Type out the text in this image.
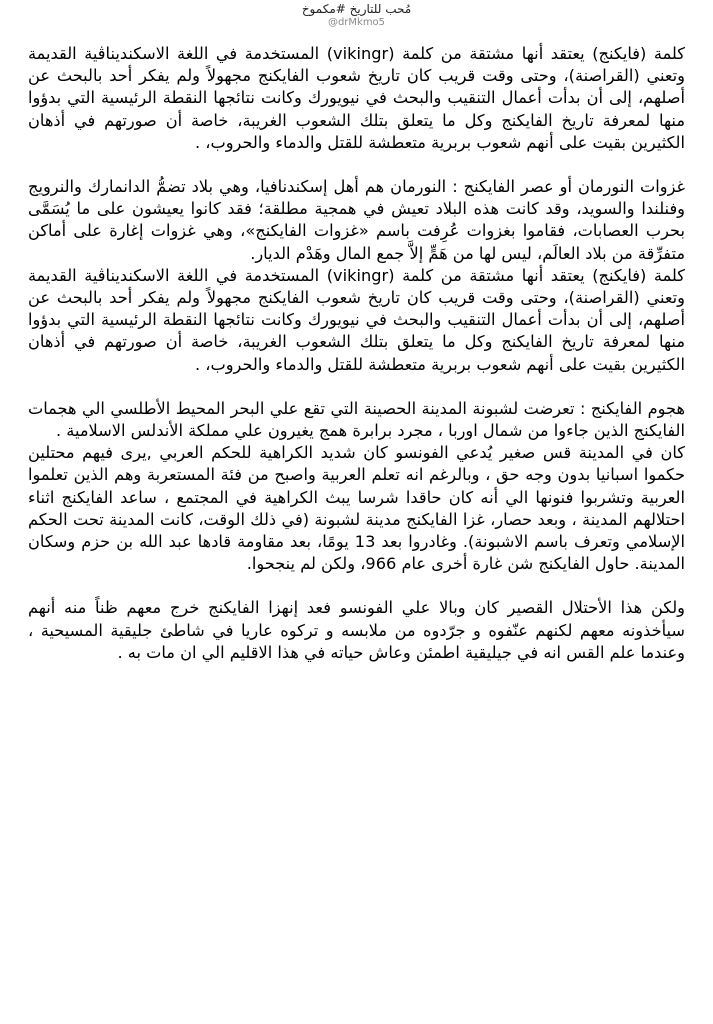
مُحب للتاريخ #مكموخ
@drMkmo5

كلمة (فايكنج) يعتقد أنها مشتقة من كلمة (vikingr) المستخدمة في اللغة الاسكنديناڤية القديمة وتعني (القراصنة)، وحتى وقت قريب كان تاريخ شعوب الفايكنج مجهولاً ولم يفكر أحد بالبحث عن أصلهم، إلى أن بدأت أعمال التنقيب والبحث في نيويورك وكانت نتائجها النقطة الرئيسية التي بدؤوا منها لمعرفة تاريخ الفايكنج وكل ما يتعلق بتلك الشعوب الغريبة، خاصة أن صورتهم في أذهان الكثيرين بقيت على أنهم شعوب بربرية متعطشة للقتل والدماء والحروب، .

غزوات النورمان أو عصر الفايكنج : النورمان هم أهل إسكندنافيا، وهي بلاد تضمُّ الدانمارك والنرويج وفنلندا والسويد، وقد كانت هذه البلاد تعيش في همجية مطلقة؛ فقد كانوا يعيشون على ما يُسَمَّى بحرب العصابات، فقاموا بغزوات عُرِفت باسم «غزوات الفايكنج»، وهي غزوات إغارة على أماكن متفرِّقة من بلاد العالَم، ليس لها من هَمٍّ إلاَّ جمع المال وهَدْم الديار.

كلمة (فايكنج) يعتقد أنها مشتقة من كلمة (vikingr) المستخدمة في اللغة الاسكنديناڤية القديمة وتعني (القراصنة)، وحتى وقت قريب كان تاريخ شعوب الفايكنج مجهولاً ولم يفكر أحد بالبحث عن أصلهم، إلى أن بدأت أعمال التنقيب والبحث في نيويورك وكانت نتائجها النقطة الرئيسية التي بدؤوا منها لمعرفة تاريخ الفايكنج وكل ما يتعلق بتلك الشعوب الغريبة، خاصة أن صورتهم في أذهان الكثيرين بقيت على أنهم شعوب بربرية متعطشة للقتل والدماء والحروب، .

هجوم الفايكنج : تعرضت لشبونة المدينة الحصينة التي تقع علي البحر المحيط الأطلسي الي هجمات الفايكنج الذين جاءوا من شمال اوربا ، مجرد برابرة همج يغيرون علي مملكة الأندلس الاسلامية .

كان في المدينة قس صغير يُدعي الفونسو كان شديد الكراهية للحكم العربي ,يرى فيهم محتلين حكموا اسبانيا بدون وجه حق ، وبالرغم انه تعلم العربية واصبح من فئة المستعربة وهم الذين تعلموا العربية وتشربوا فنونها الي أنه كان حاقدا شرسا يبث الكراهية في المجتمع ، ساعد الفايكنج اثناء احتلالهم المدينة ، وبعد حصار، غزا الفايكنج مدينة لشبونة (في ذلك الوقت، كانت المدينة تحت الحكم الإسلامي وتعرف باسم الاشبونة). وغادروا بعد 13 يومًا، بعد مقاومة قادها عبد الله بن حزم وسكان المدينة. حاول الفايكنج شن غارة أخرى عام 966، ولكن لم ينجحوا.

ولكن هذا الأحتلال القصير كان وبالا علي الفونسو فعد إنهزا الفايكنج خرج معهم ظناً منه أنهم سيأخذونه معهم لكنهم عنّفوه و جرّدوه من ملابسه و تركوه عاريا في شاطئ جليقية المسيحية ، وعندما علم القس انه في جيليقية اطمئن وعاش حياته في هذا الاقليم الي ان مات به .
